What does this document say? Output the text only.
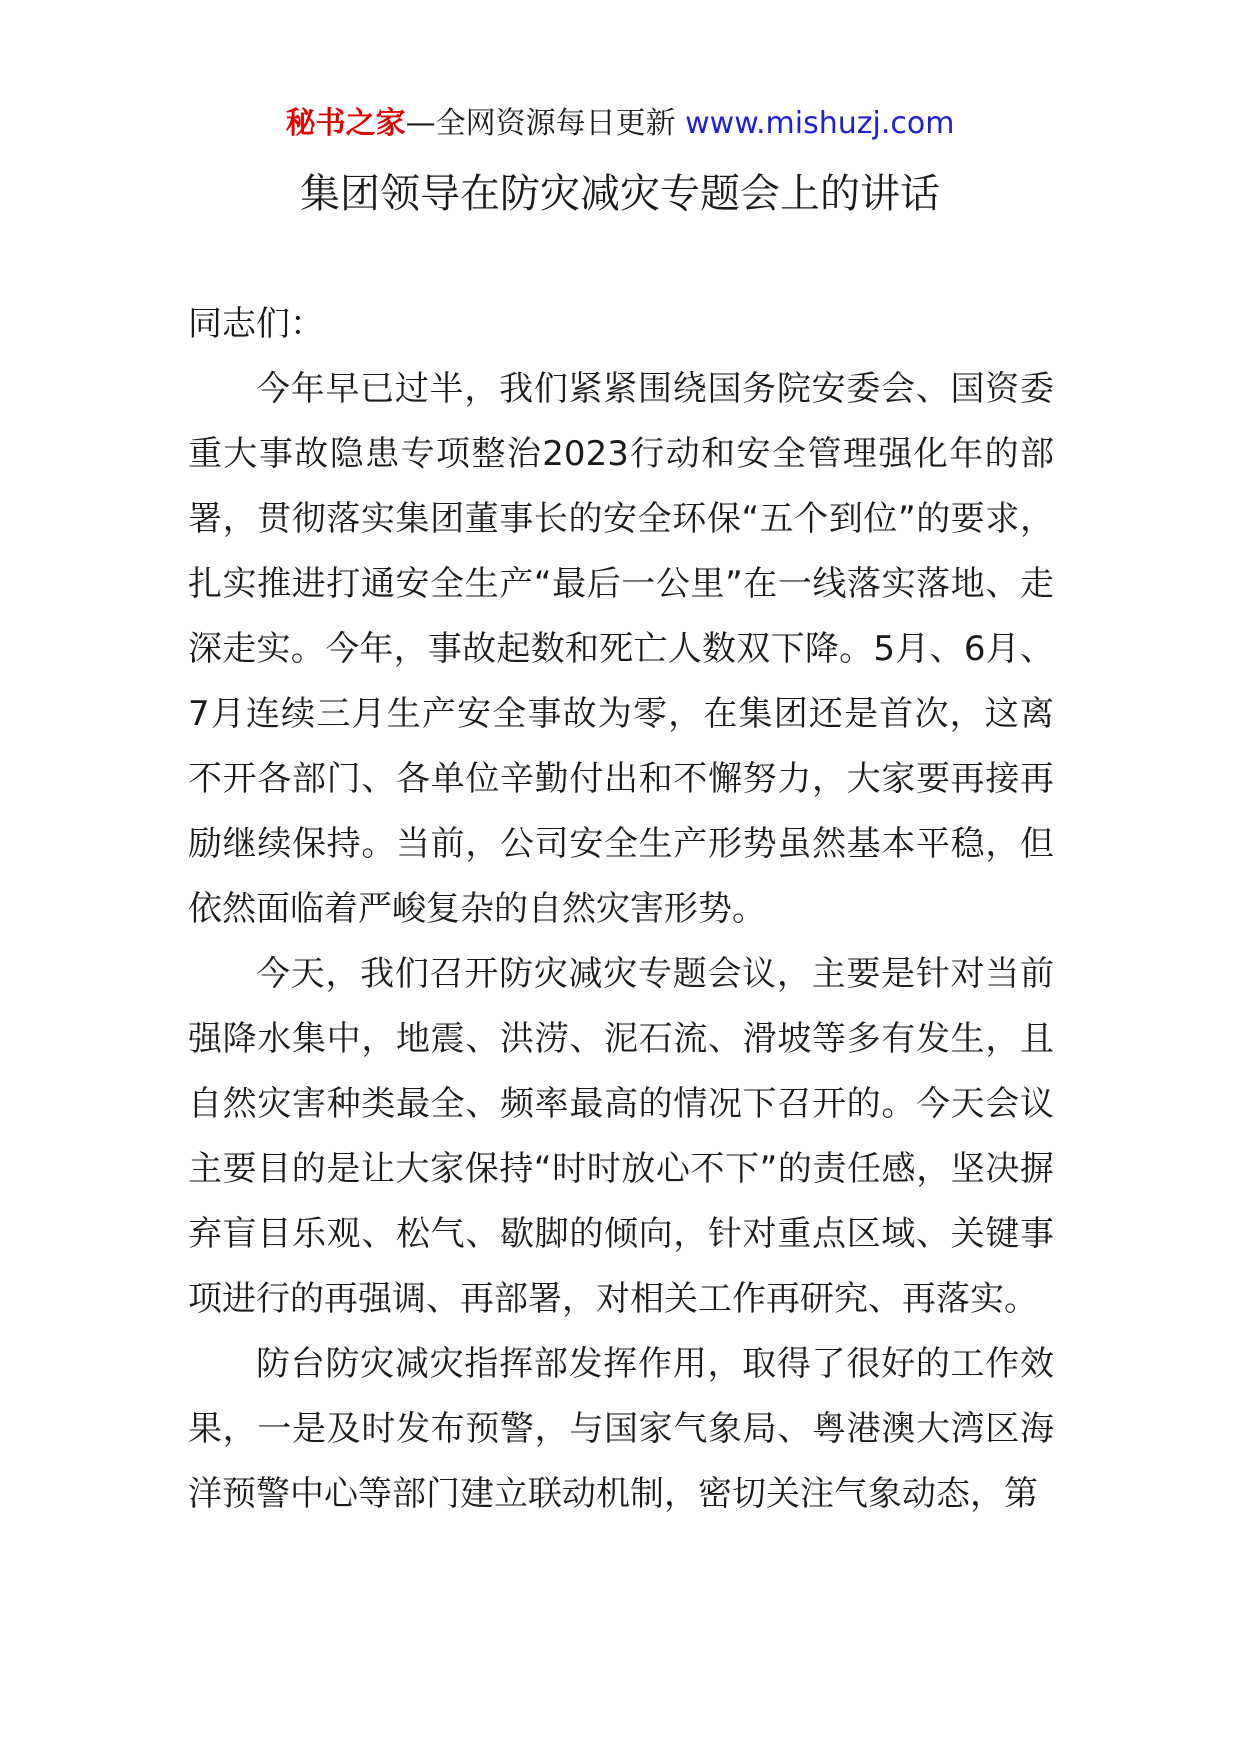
秘书之家—全网资源每日更新 www.mishuzj.com
集团领导在防灾减灾专题会上的讲话

同志们：

今年早已过半，我们紧紧围绕国务院安委会、国资委重大事故隐患专项整治2023行动和安全管理强化年的部署，贯彻落实集团董事长的安全环保“五个到位”的要求，扎实推进打通安全生产“最后一公里”在一线落实落地、走深走实。今年，事故起数和死亡人数双下降。5月、6月、7月连续三月生产安全事故为零，在集团还是首次，这离不开各部门、各单位辛勤付出和不懈努力，大家要再接再励继续保持。当前，公司安全生产形势虽然基本平稳，但依然面临着严峻复杂的自然灾害形势。

今天，我们召开防灾减灾专题会议，主要是针对当前强降水集中，地震、洪涝、泥石流、滑坡等多有发生，且自然灾害种类最全、频率最高的情况下召开的。今天会议主要目的是让大家保持“时时放心不下”的责任感，坚决摒弃盲目乐观、松气、歇脚的倾向，针对重点区域、关键事项进行的再强调、再部署，对相关工作再研究、再落实。

防台防灾减灾指挥部发挥作用，取得了很好的工作效果，一是及时发布预警，与国家气象局、粤港澳大湾区海洋预警中心等部门建立联动机制，密切关注气象动态，第
